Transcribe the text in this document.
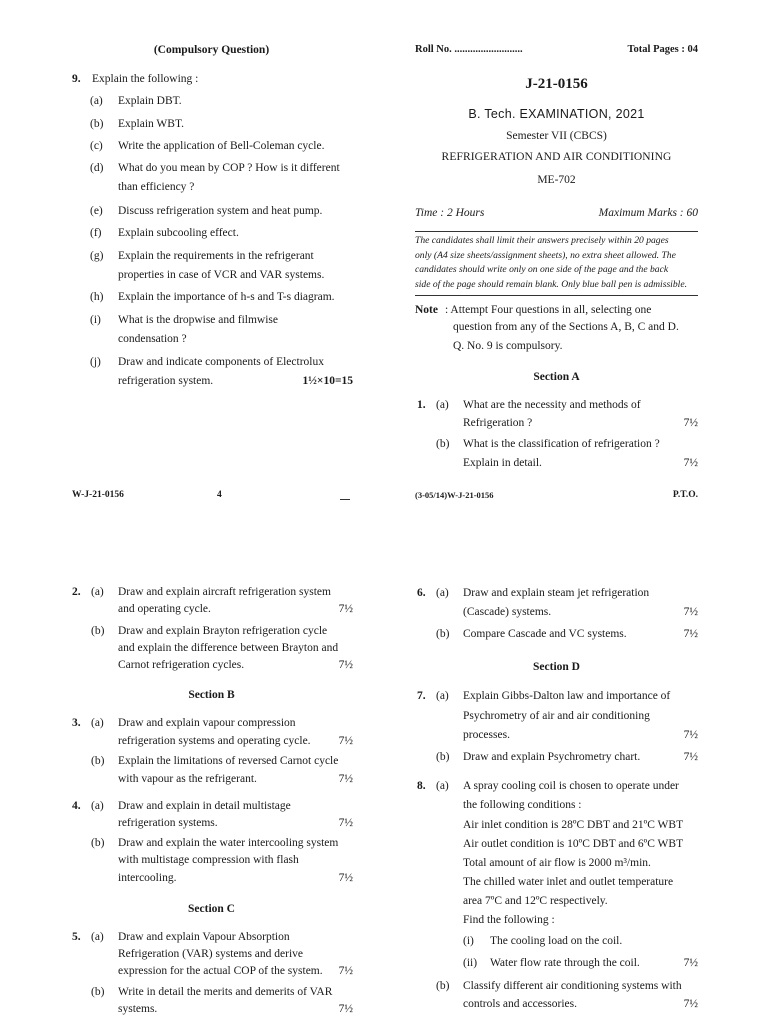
(Compulsory Question)
9. Explain the following :
(a) Explain DBT.
(b) Explain WBT.
(c) Write the application of Bell-Coleman cycle.
(d) What do you mean by COP ? How is it different
than efficiency ?
(e) Discuss refrigeration system and heat pump.
(f) Explain subcooling effect.
(g) Explain the requirements in the refrigerant
properties in case of VCR and VAR systems.
(h) Explain the importance of h-s and T-s diagram.
(i) What is the dropwise and filmwise
condensation ?
(j) Draw and indicate components of Electrolux
refrigeration system.	1½×10=15
W-J-21-0156	4
Roll No. ..........................	Total Pages : 04
J-21-0156
B. Tech. EXAMINATION, 2021
Semester VII (CBCS)
REFRIGERATION AND AIR CONDITIONING
ME-702
Time : 2 Hours	Maximum Marks : 60
The candidates shall limit their answers precisely within 20 pages
only (A4 size sheets/assignment sheets), no extra sheet allowed. The
candidates should write only on one side of the page and the back
side of the page should remain blank. Only blue ball pen is admissible.
Note : Attempt Four questions in all, selecting one
question from any of the Sections A, B, C and D.
Q. No. 9 is compulsory.
Section A
1. (a) What are the necessity and methods of
Refrigeration ?	7½
(b) What is the classification of refrigeration ?
Explain in detail.	7½
(3-05/14)W-J-21-0156	P.T.O.
2. (a) Draw and explain aircraft refrigeration system
and operating cycle.	7½
(b) Draw and explain Brayton refrigeration cycle
and explain the difference between Brayton and
Carnot refrigeration cycles.	7½
Section B
3. (a) Draw and explain vapour compression
refrigeration systems and operating cycle. 7½
(b) Explain the limitations of reversed Carnot cycle
with vapour as the refrigerant.	7½
4. (a) Draw and explain in detail multistage
refrigeration systems.	7½
(b) Draw and explain the water intercooling system
with multistage compression with flash
intercooling.	7½
Section C
5. (a) Draw and explain Vapour Absorption
Refrigeration (VAR) systems and derive
expression for the actual COP of the system. 7½
(b) Write in detail the merits and demerits of VAR
systems.	7½
6. (a) Draw and explain steam jet refrigeration
(Cascade) systems.	7½
(b) Compare Cascade and VC systems.	7½
Section D
7. (a) Explain Gibbs-Dalton law and importance of
Psychrometry of air and air conditioning
processes.	7½
(b) Draw and explain Psychrometry chart.	7½
8. (a) A spray cooling coil is chosen to operate under
the following conditions :
Air inlet condition is 28ºC DBT and 21ºC WBT
Air outlet condition is 10ºC DBT and 6ºC WBT
Total amount of air flow is 2000 m³/min.
The chilled water inlet and outlet temperature
area 7ºC and 12ºC respectively.
Find the following :
(i) The cooling load on the coil.
(ii) Water flow rate through the coil.	7½
(b) Classify different air conditioning systems with
controls and accessories.	7½
